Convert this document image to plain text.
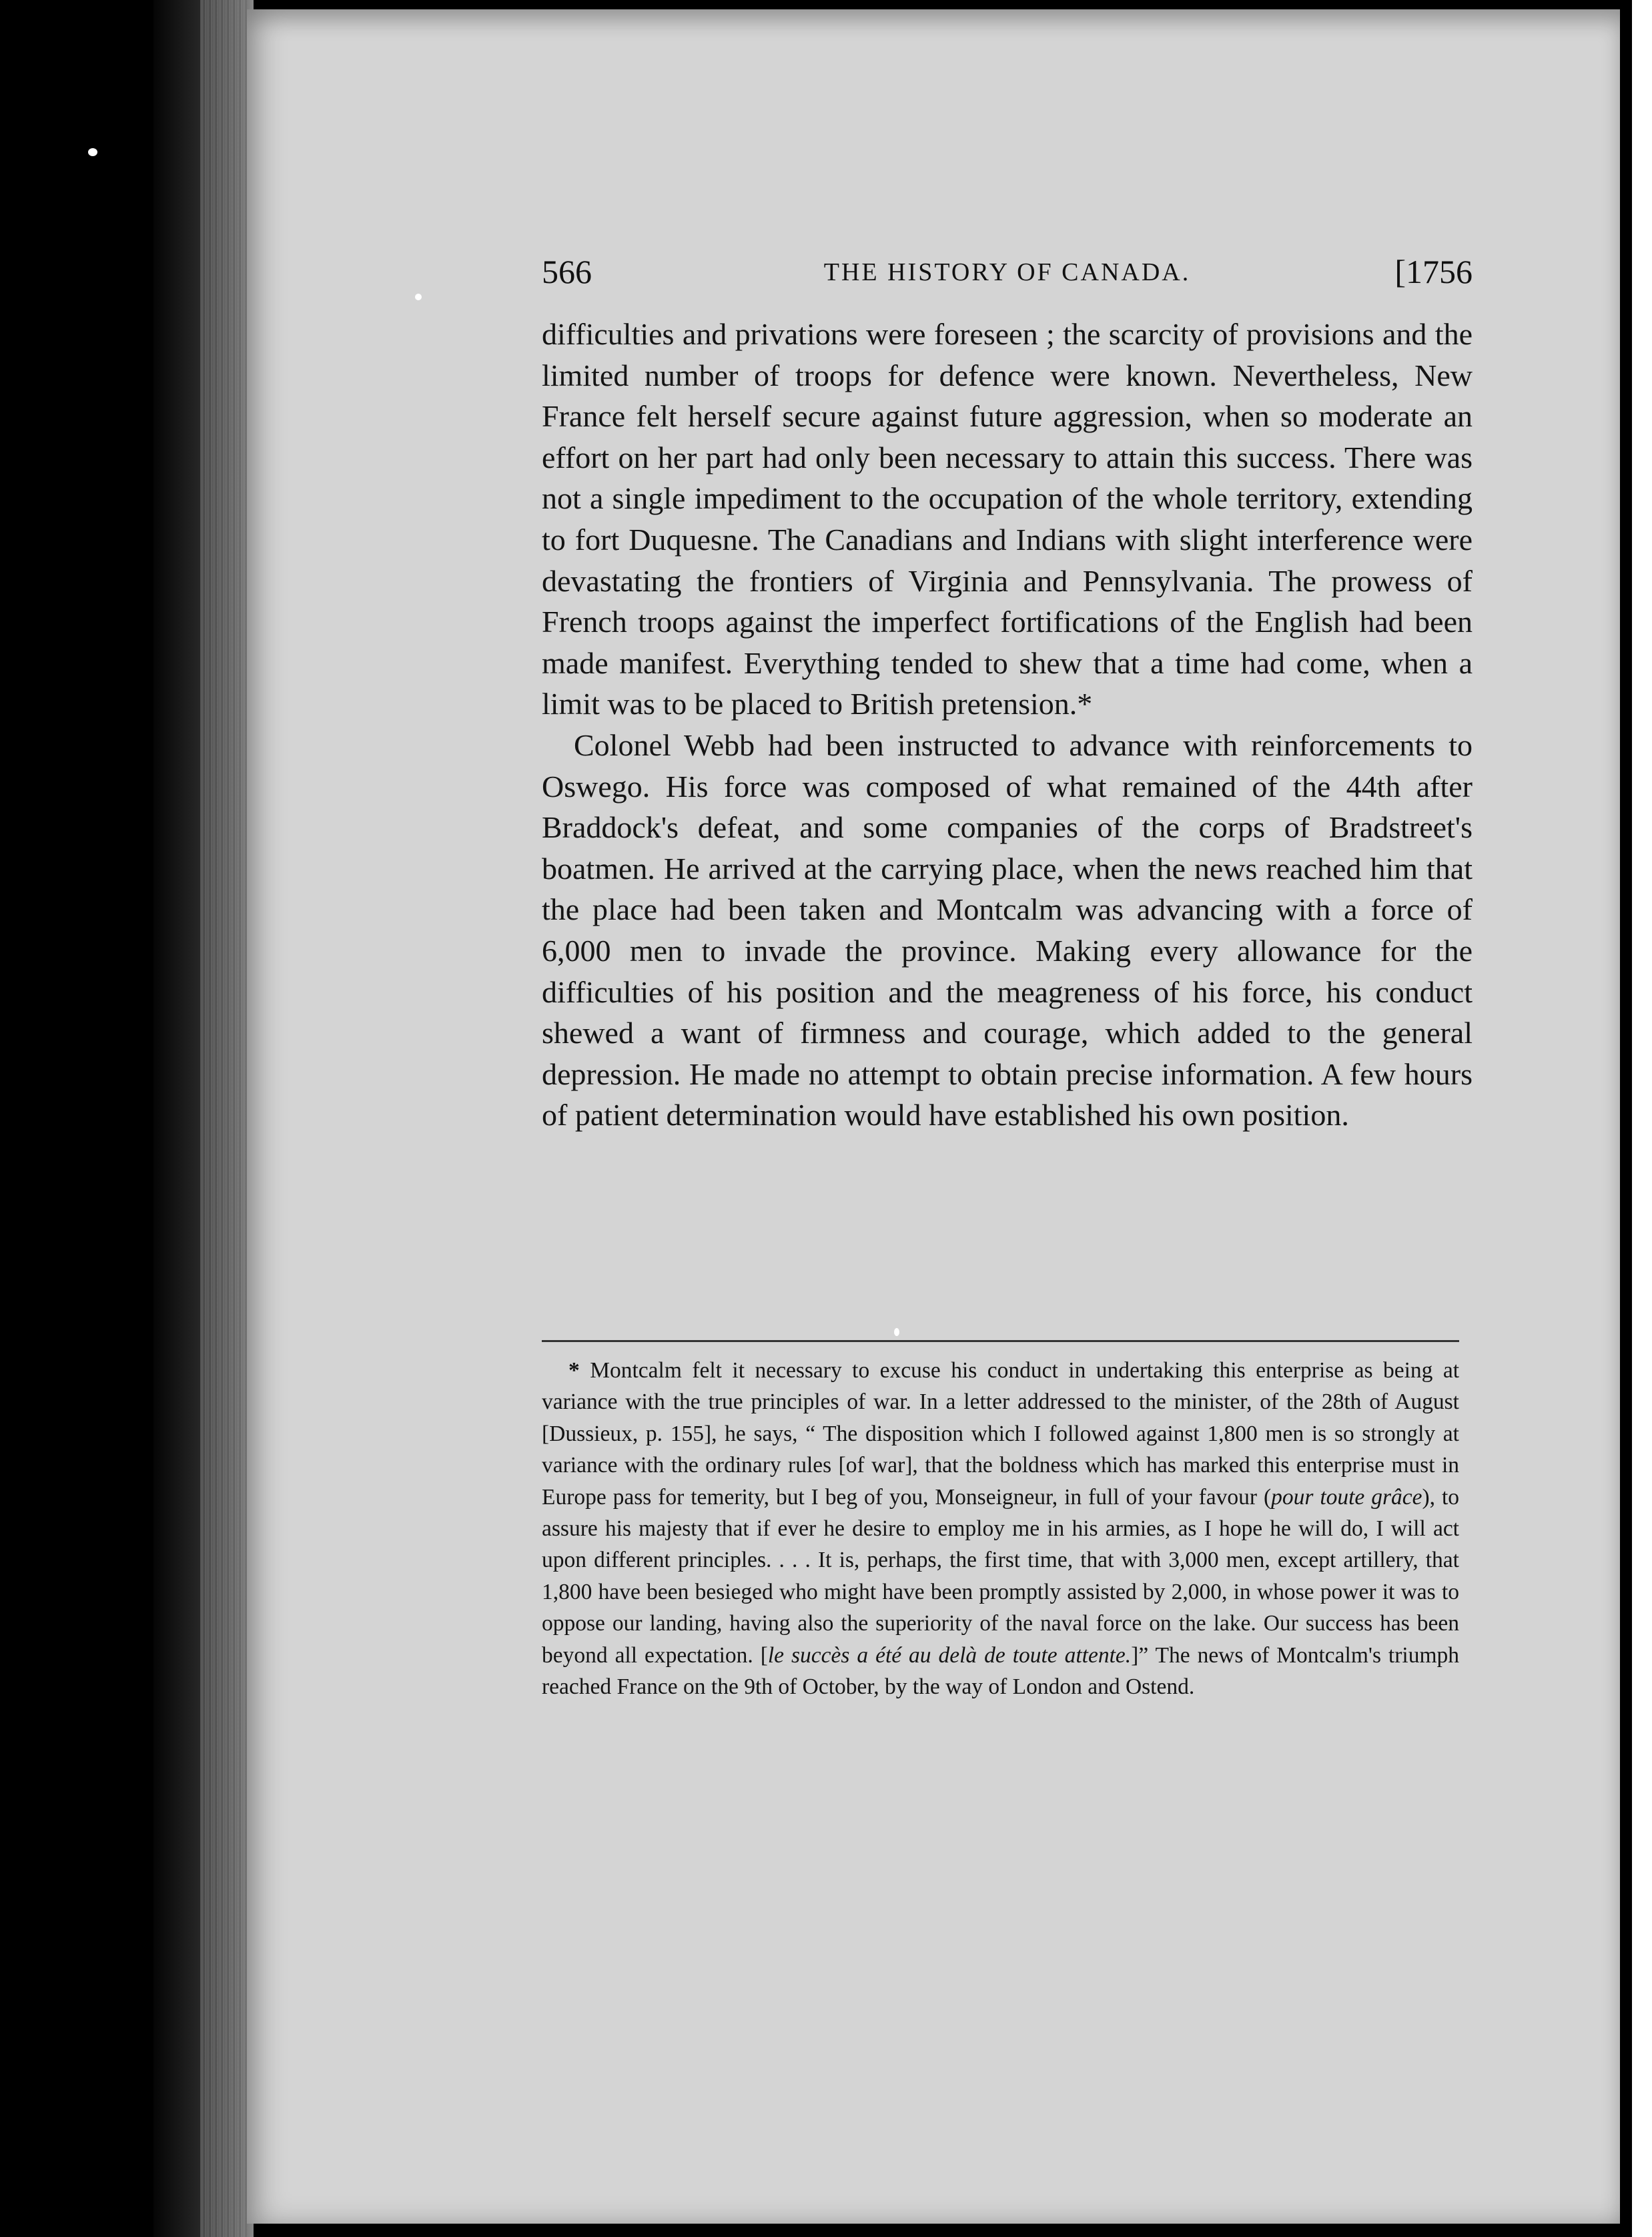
566	THE HISTORY OF CANADA.	[1756

difficulties and privations were foreseen ; the scarcity of provisions and the limited number of troops for defence were known. Nevertheless, New France felt herself secure against future aggression, when so moderate an effort on her part had only been necessary to attain this success. There was not a single impediment to the occupation of the whole territory, extending to fort Duquesne. The Canadians and Indians with slight interference were devastating the frontiers of Virginia and Pennsylvania. The prowess of French troops against the imperfect fortifications of the English had been made manifest. Everything tended to shew that a time had come, when a limit was to be placed to British pretension.*

Colonel Webb had been instructed to advance with reinforcements to Oswego. His force was composed of what remained of the 44th after Braddock's defeat, and some companies of the corps of Bradstreet's boatmen. He arrived at the carrying place, when the news reached him that the place had been taken and Montcalm was advancing with a force of 6,000 men to invade the province. Making every allowance for the difficulties of his position and the meagreness of his force, his conduct shewed a want of firmness and courage, which added to the general depression. He made no attempt to obtain precise information. A few hours of patient determination would have established his own position.

* Montcalm felt it necessary to excuse his conduct in undertaking this enterprise as being at variance with the true principles of war. In a letter addressed to the minister, of the 28th of August [Dussieux, p. 155], he says, “ The disposition which I followed against 1,800 men is so strongly at variance with the ordinary rules [of war], that the boldness which has marked this enterprise must in Europe pass for temerity, but I beg of you, Monseigneur, in full of your favour (pour toute grâce), to assure his majesty that if ever he desire to employ me in his armies, as I hope he will do, I will act upon different principles. . . . It is, perhaps, the first time, that with 3,000 men, except artillery, that 1,800 have been besieged who might have been promptly assisted by 2,000, in whose power it was to oppose our landing, having also the superiority of the naval force on the lake. Our success has been beyond all expectation. [le succès a été au delà de toute attente.]” The news of Montcalm's triumph reached France on the 9th of October, by the way of London and Ostend.
